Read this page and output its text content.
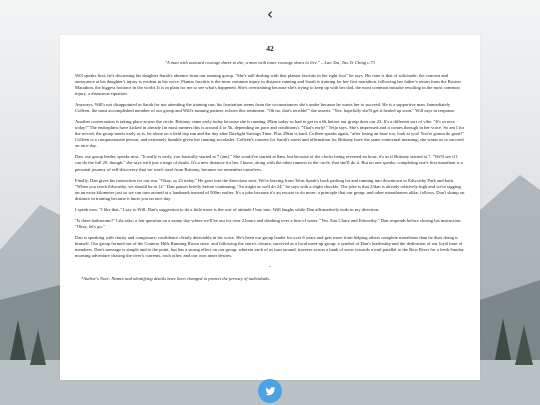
‹
42
"A man with outward courage dares to die; a man with inner courage dares to live." – Lao Tzu, Tao Te Ching c.73

Will speaks first; he's discussing his daughter Sarah's absence from our running group. "She's still dealing with that plantar fasciitis in her right foot" he says. His tone is that of solicitude; the concern and annoyance at his daughter's injury is evident in his voice. Plantar fasciitis is the most common injury in distance running and Sarah is training for her first marathon, following her father's return from the Boston Marathon, the biggest footrace in the world. It is in plain for me to see what's happened. She's overtraining because she's trying to keep up with her dad, the most common mistake resulting in the most common injury, a disastrous equation.

Anyways, Will's not disappointed in Sarah for not attending the training run; his frustration stems from the circumstances she's under because he wants her to succeed. He is a supportive man. Immediately Colleen, the most accomplished member of our group and Will's running partner, echoes this sentiment. "Oh no, that's terrible!" she asserts. "Yea, hopefully she'll get it healed up soon," Will says in response.

Another conversation is taking place across the circle. Brittany came early today because she is running 29km today so had to get in a 6k before our group does our 23. It's a different sort of vibe. "It's so nice today!" The endorphins have kicked in already (in most runners this is around 4 or 5k, depending on pace and conditions). "That's early!" Teija says. She's impressed and it comes through in her voice. So am I for the record; the group meets early as is, let alone on a field trip run and the day after Daylight Savings Time. Plus 29km is hard. Colleen speaks again, "after losing an hour too, look at you! You're gonna do great!" Colleen is a compassionate person, and extremely humble given her running accolades. Colleen's consent for Sarah's stress and affirmation for Brittany have the same contextual meaning; she wants us to succeed on race day.

Dan, our group leader, speaks now. "It really is early, you basically started at 7 (am)." She would've started at 8am, but because of the clocks being reversed an hour; it's as if Brittany started at 7. "We'll see if I can do the full 29, though," she says with just a tinge of doubt. It's a new distance for her. I know, along with the other runners in the circle, that she'll do it. But no one speaks; completing one's first marathon is a personal journey of self-discovery that we won't steal from Brittany, because we remember ourselves.

Finally, Dan gives his instruction for our run. "Okay, so 23 today." He goes into the directions next. We're leaving from Telus Spark's back parking lot and running into downtown to Edworthy Park and back. "When you reach Edworthy, we should be at 12." Dan pauses briefly before continuing, "So might as well do 24," he says with a slight chuckle. The joke is that 23km is already relatively high and we're tagging on an extra kilometer just so we can turn around at a landmark instead of 500m earlier. It's a joke because it's an excuse to do more; a principle that our group, and other marathoners alike, follows. Don't skimp on distance in training because it hurts you on race day.

I speak now. "I like that." I say to Will. Dan's suggestion to do a little more is the sort of attitude I buy into. Will laughs while Dan affirmatively nods in my direction.

"Is there bathrooms?" Lila asks; a fair question on a sunny day where we'll be out for over 2 hours and drinking over a litre of water. "Yes. Eau Claire and Edworthy," Dan responds before closing his instruction. "Okay, let's go."

Dan is speaking with clarity and composure; confidence clearly detectable in his voice. He's been our group leader for over 6 years and gets more from helping others complete marathons than he does doing it himself. Our group formed out of the Country Hills Running Room store, and following the store's closure, survived as a local meet-up group; a symbol of Dan's leadership and the dedication of our loyal base of members. Dan's message is simple and to the point, but has a strong effect on our group, wherein each of us turn around, traverse across a bank of snow towards a trail parallel to the Bow River for a fresh Sunday morning adventure chasing the river's currents, each other, and our own inner desires.

~
*Author's Note: Names and identifying details have been changed to protect the privacy of individuals.
